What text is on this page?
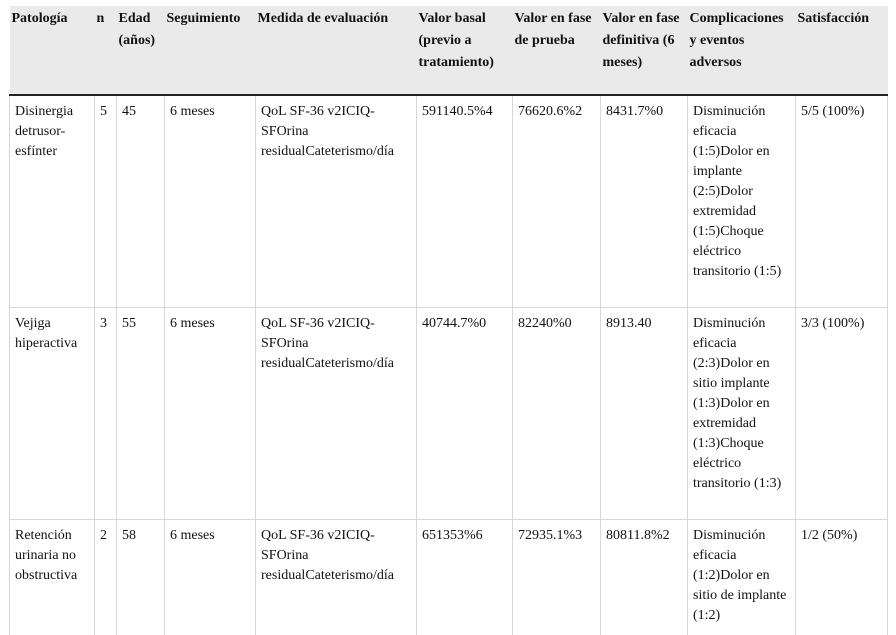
Patología	n	Edad (años)	Seguimiento	Medida de evaluación	Valor basal (previo a tratamiento)	Valor en fase de prueba	Valor en fase definitiva (6 meses)	Complicaciones y eventos adversos	Satisfacción
Disinergia detrusor-esfínter	5	45	6 meses	QoL SF-36 v2ICIQ-SFOrina residualCateterismo/día	591140.5%4	76620.6%2	8431.7%0	Disminución eficacia (1:5)Dolor en implante (2:5)Dolor extremidad (1:5)Choque eléctrico transitorio (1:5)	5/5 (100%)
Vejiga hiperactiva	3	55	6 meses	QoL SF-36 v2ICIQ-SFOrina residualCateterismo/día	40744.7%0	82240%0	8913.40	Disminución eficacia (2:3)Dolor en sitio implante (1:3)Dolor en extremidad (1:3)Choque eléctrico transitorio (1:3)	3/3 (100%)
Retención urinaria no obstructiva	2	58	6 meses	QoL SF-36 v2ICIQ-SFOrina residualCateterismo/día	651353%6	72935.1%3	80811.8%2	Disminución eficacia (1:2)Dolor en sitio de implante (1:2)	1/2 (50%)
